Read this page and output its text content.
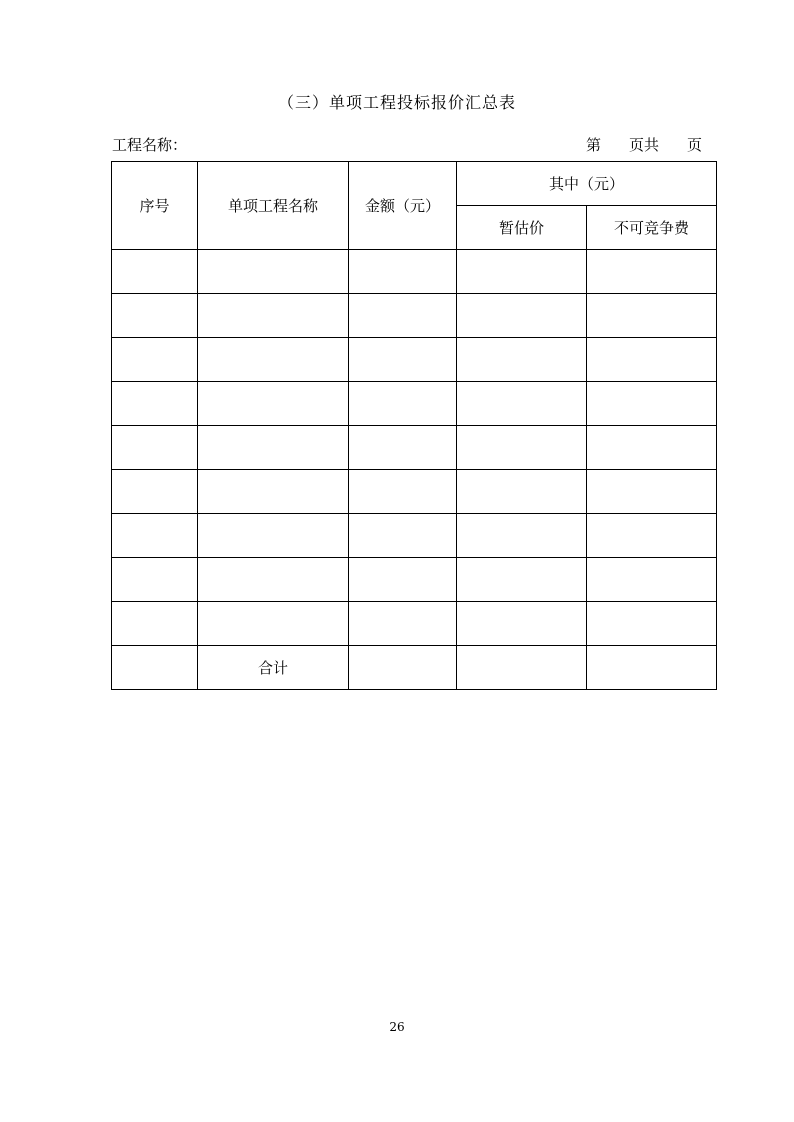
（三）单项工程投标报价汇总表
工程名称：	第 页共 页
序号	单项工程名称	金额（元）	其中（元）	
			暂估价	不可竞争费

	合计			
26
